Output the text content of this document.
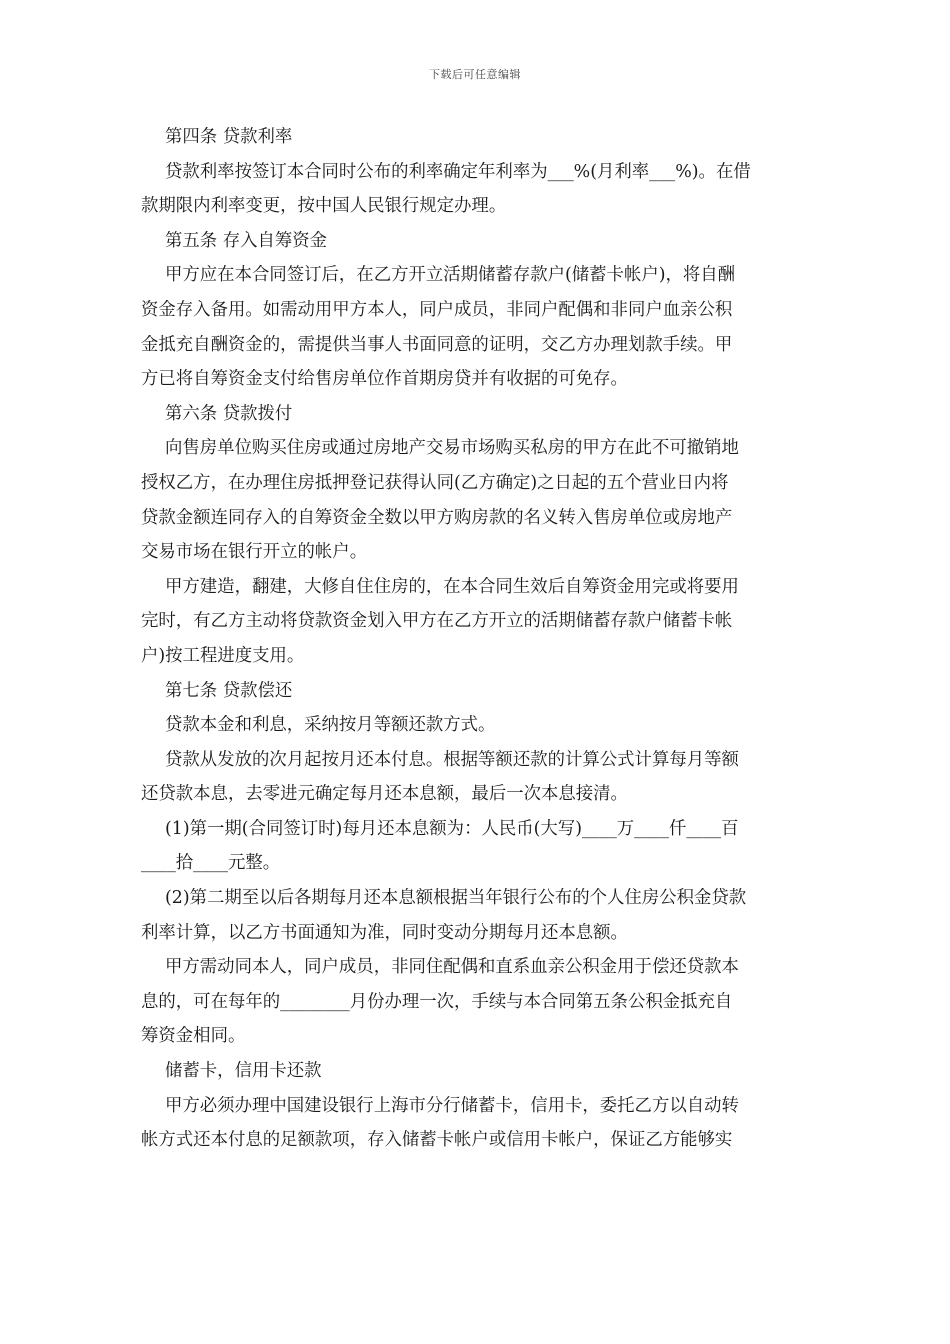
下载后可任意编辑
第四条 贷款利率
贷款利率按签订本合同时公布的利率确定年利率为___%(月利率___%)。在借
款期限内利率变更，按中国人民银行规定办理。
第五条 存入自筹资金
甲方应在本合同签订后，在乙方开立活期储蓄存款户(储蓄卡帐户)，将自酬
资金存入备用。如需动用甲方本人，同户成员，非同户配偶和非同户血亲公积
金抵充自酬资金的，需提供当事人书面同意的证明，交乙方办理划款手续。甲
方已将自筹资金支付给售房单位作首期房贷并有收据的可免存。
第六条 贷款拨付
向售房单位购买住房或通过房地产交易市场购买私房的甲方在此不可撤销地
授权乙方，在办理住房抵押登记获得认同(乙方确定)之日起的五个营业日内将
贷款金额连同存入的自筹资金全数以甲方购房款的名义转入售房单位或房地产
交易市场在银行开立的帐户。
甲方建造，翻建，大修自住住房的，在本合同生效后自筹资金用完或将要用
完时，有乙方主动将贷款资金划入甲方在乙方开立的活期储蓄存款户储蓄卡帐
户)按工程进度支用。
第七条 贷款偿还
贷款本金和利息，采纳按月等额还款方式。
贷款从发放的次月起按月还本付息。根据等额还款的计算公式计算每月等额
还贷款本息，去零进元确定每月还本息额，最后一次本息接清。
(1)第一期(合同签订时)每月还本息额为：人民币(大写)____万____仟____百
____拾____元整。
(2)第二期至以后各期每月还本息额根据当年银行公布的个人住房公积金贷款
利率计算，以乙方书面通知为准，同时变动分期每月还本息额。
甲方需动同本人，同户成员，非同住配偶和直系血亲公积金用于偿还贷款本
息的，可在每年的________月份办理一次，手续与本合同第五条公积金抵充自
筹资金相同。
储蓄卡，信用卡还款
甲方必须办理中国建设银行上海市分行储蓄卡，信用卡，委托乙方以自动转
帐方式还本付息的足额款项，存入储蓄卡帐户或信用卡帐户，保证乙方能够实
